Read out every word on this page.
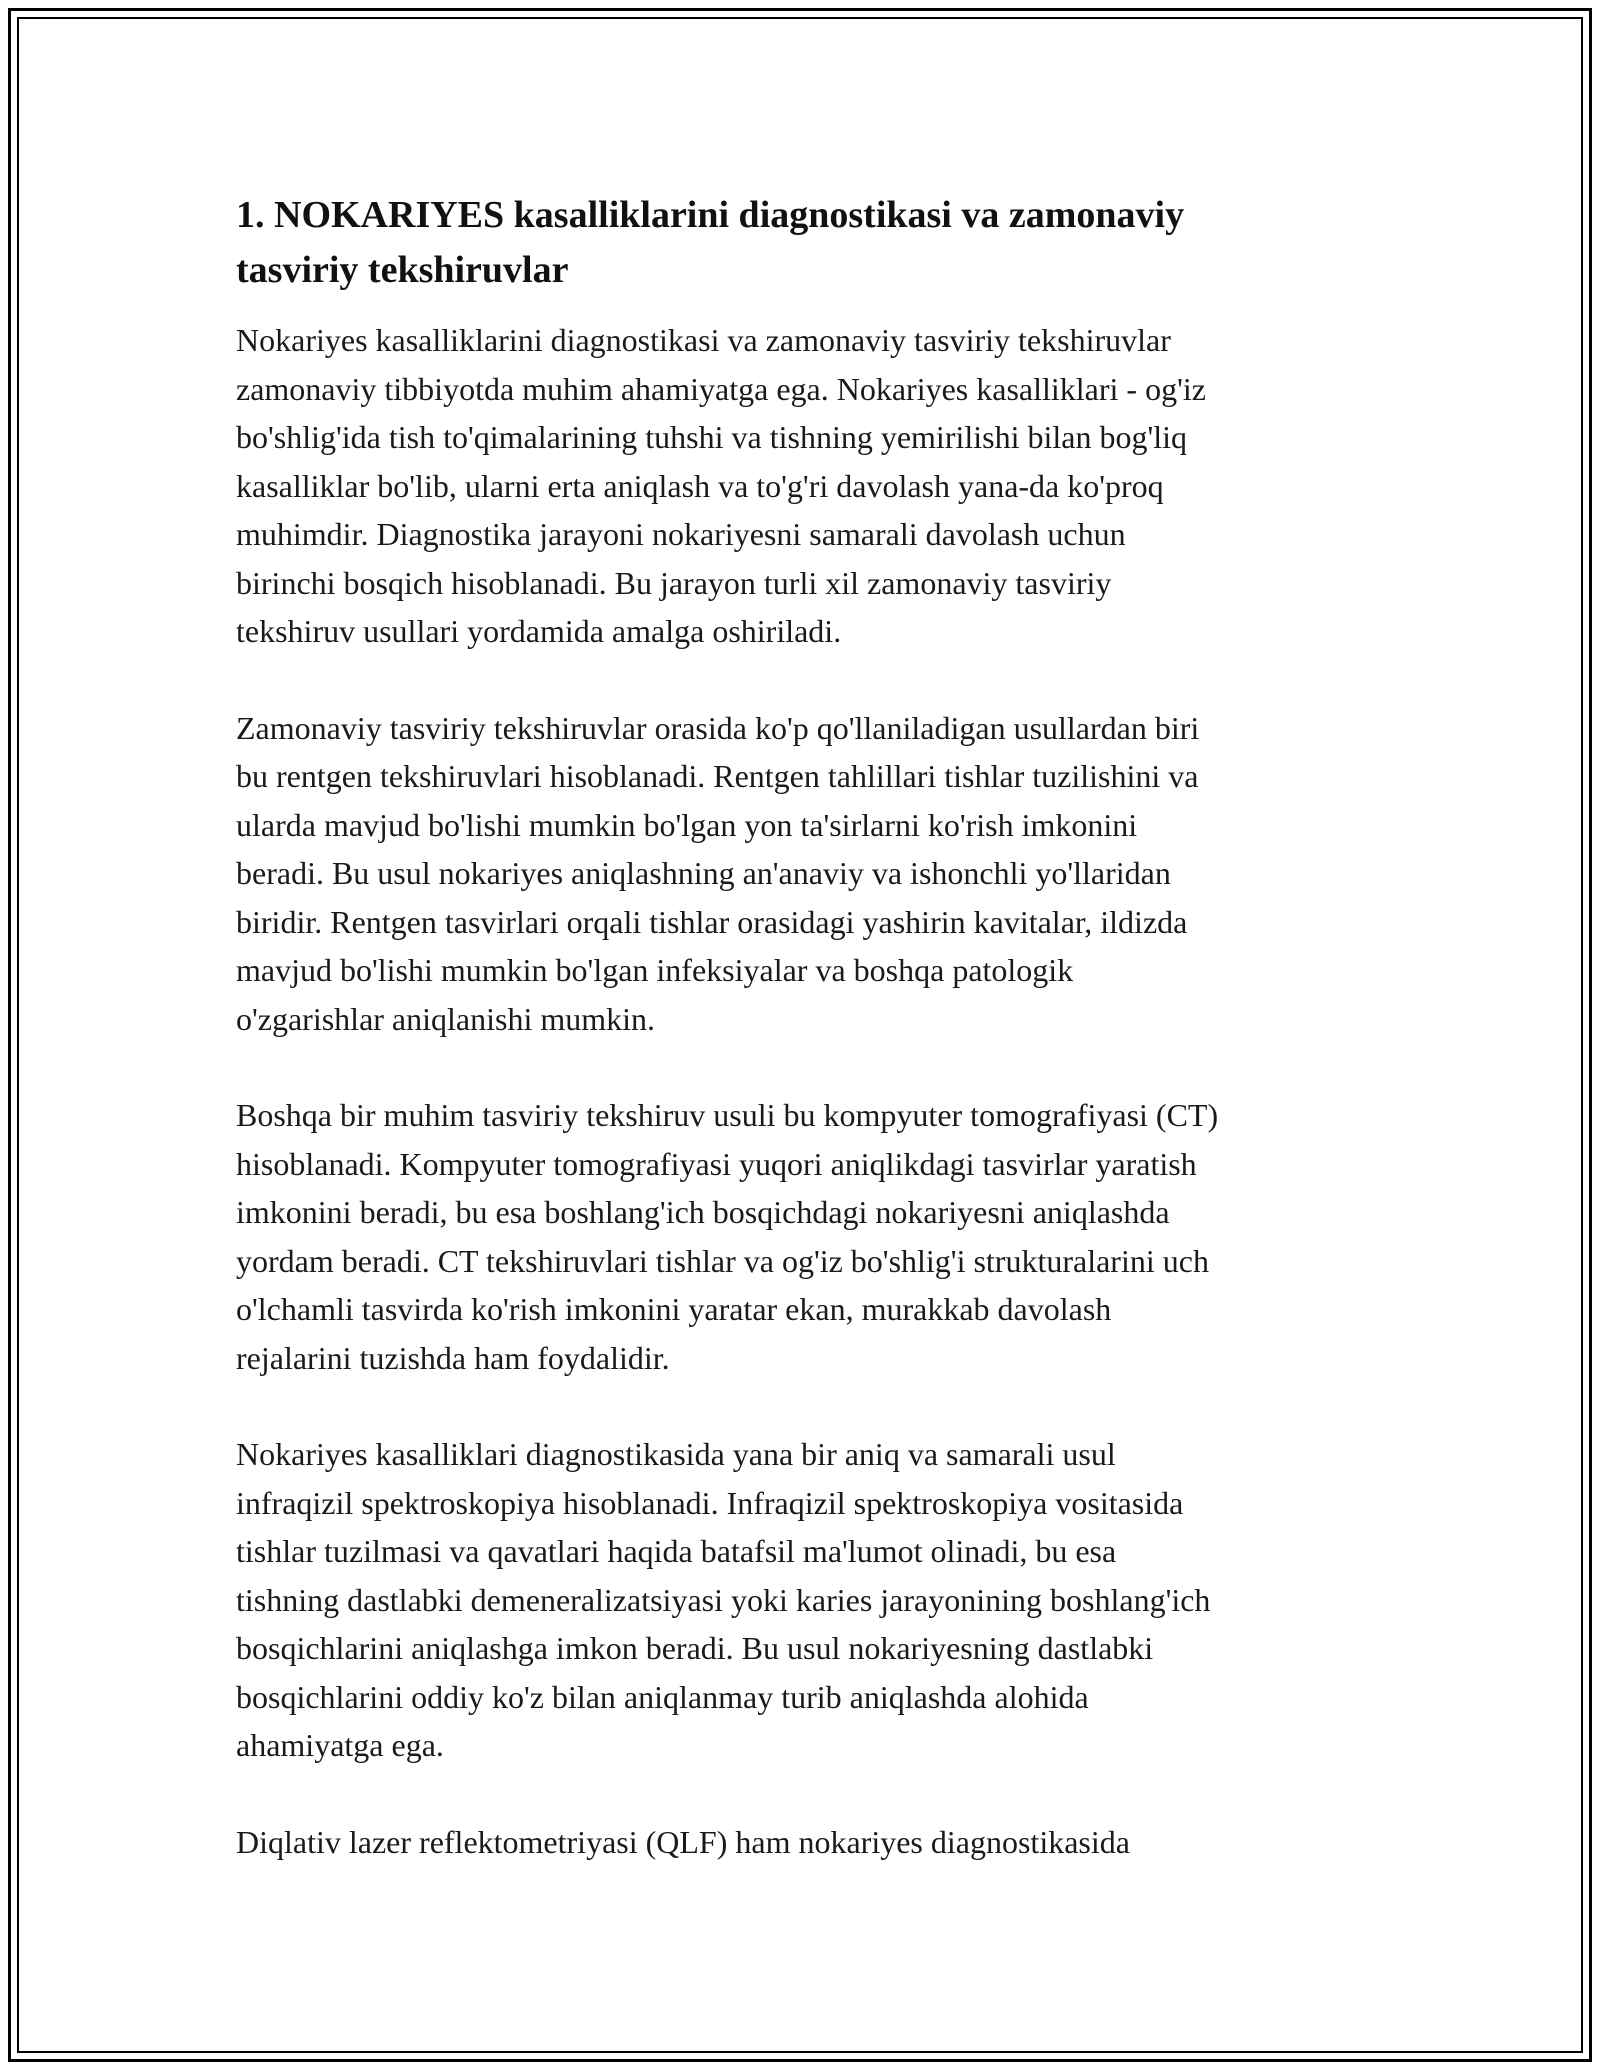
1. NOKARIYES kasalliklarini diagnostikasi va zamonaviy
tasviriy tekshiruvlar

Nokariyes kasalliklarini diagnostikasi va zamonaviy tasviriy tekshiruvlar
zamonaviy tibbiyotda muhim ahamiyatga ega. Nokariyes kasalliklari - og'iz
bo'shlig'ida tish to'qimalarining tuhshi va tishning yemirilishi bilan bog'liq
kasalliklar bo'lib, ularni erta aniqlash va to'g'ri davolash yana-da ko'proq
muhimdir. Diagnostika jarayoni nokariyesni samarali davolash uchun
birinchi bosqich hisoblanadi. Bu jarayon turli xil zamonaviy tasviriy
tekshiruv usullari yordamida amalga oshiriladi.

Zamonaviy tasviriy tekshiruvlar orasida ko'p qo'llaniladigan usullardan biri
bu rentgen tekshiruvlari hisoblanadi. Rentgen tahlillari tishlar tuzilishini va
ularda mavjud bo'lishi mumkin bo'lgan yon ta'sirlarni ko'rish imkonini
beradi. Bu usul nokariyes aniqlashning an'anaviy va ishonchli yo'llaridan
biridir. Rentgen tasvirlari orqali tishlar orasidagi yashirin kavitalar, ildizda
mavjud bo'lishi mumkin bo'lgan infeksiyalar va boshqa patologik
o'zgarishlar aniqlanishi mumkin.

Boshqa bir muhim tasviriy tekshiruv usuli bu kompyuter tomografiyasi (CT)
hisoblanadi. Kompyuter tomografiyasi yuqori aniqlikdagi tasvirlar yaratish
imkonini beradi, bu esa boshlang'ich bosqichdagi nokariyesni aniqlashda
yordam beradi. CT tekshiruvlari tishlar va og'iz bo'shlig'i strukturalarini uch
o'lchamli tasvirda ko'rish imkonini yaratar ekan, murakkab davolash
rejalarini tuzishda ham foydalidir.

Nokariyes kasalliklari diagnostikasida yana bir aniq va samarali usul
infraqizil spektroskopiya hisoblanadi. Infraqizil spektroskopiya vositasida
tishlar tuzilmasi va qavatlari haqida batafsil ma'lumot olinadi, bu esa
tishning dastlabki demeneralizatsiyasi yoki karies jarayonining boshlang'ich
bosqichlarini aniqlashga imkon beradi. Bu usul nokariyesning dastlabki
bosqichlarini oddiy ko'z bilan aniqlanmay turib aniqlashda alohida
ahamiyatga ega.

Diqlativ lazer reflektometriyasi (QLF) ham nokariyes diagnostikasida
